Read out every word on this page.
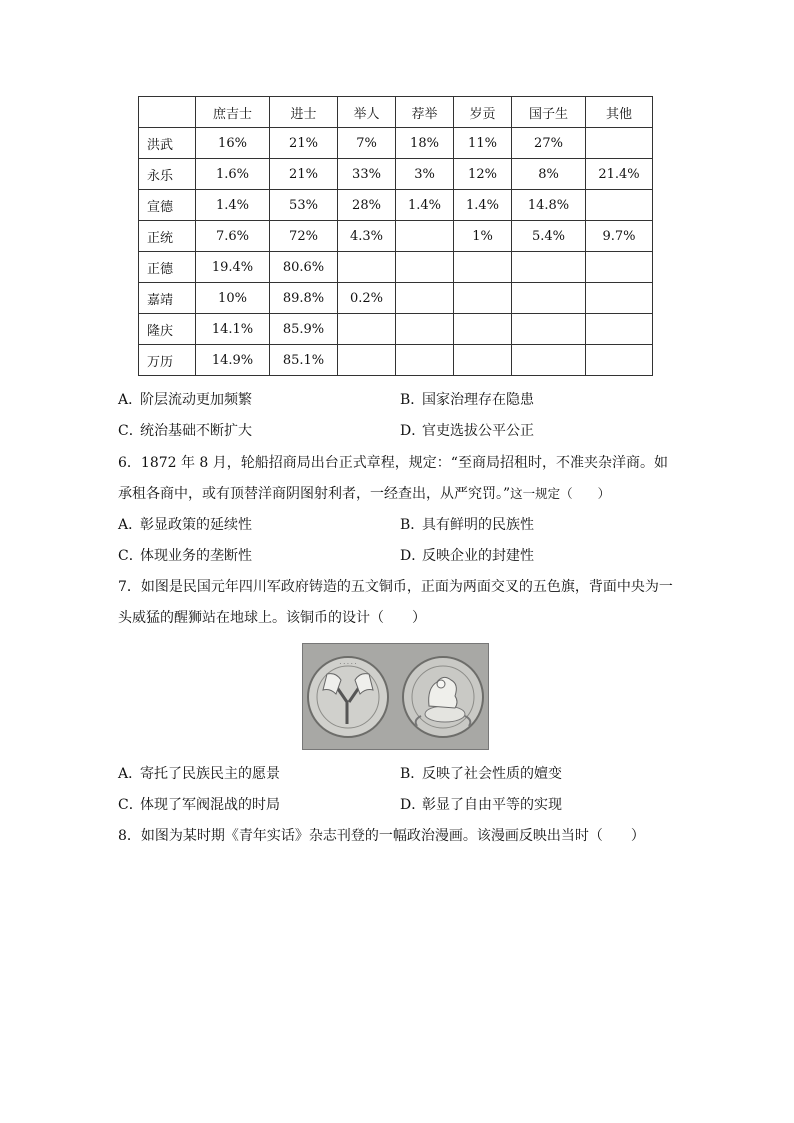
	庶吉士	进士	举人	荐举	岁贡	国子生	其他
洪武	16%	21%	7%	18%	11%	27%	
永乐	1.6%	21%	33%	3%	12%	8%	21.4%
宣德	1.4%	53%	28%	1.4%	1.4%	14.8%	
正统	7.6%	72%	4.3%		1%	5.4%	9.7%
正德	19.4%	80.6%					
嘉靖	10%	89.8%	0.2%				
隆庆	14.1%	85.9%					
万历	14.9%	85.1%					
A．阶层流动更加频繁	B．国家治理存在隐患
C．统治基础不断扩大	D．官吏选拔公平公正
6．1872 年 8 月，轮船招商局出台正式章程，规定：“至商局招租时，不准夹杂洋商。如
承租各商中，或有顶替洋商阴图射利者，一经查出，从严究罚。”这一规定（　　）
A．彰显政策的延续性	B．具有鲜明的民族性
C．体现业务的垄断性	D．反映企业的封建性
7．如图是民国元年四川军政府铸造的五文铜币，正面为两面交叉的五色旗，背面中央为一
头威猛的醒狮站在地球上。该铜币的设计（　　）
· · · · ·
A．寄托了民族民主的愿景	B．反映了社会性质的嬗变
C．体现了军阀混战的时局	D．彰显了自由平等的实现
8．如图为某时期《青年实话》杂志刊登的一幅政治漫画。该漫画反映出当时（　　）
